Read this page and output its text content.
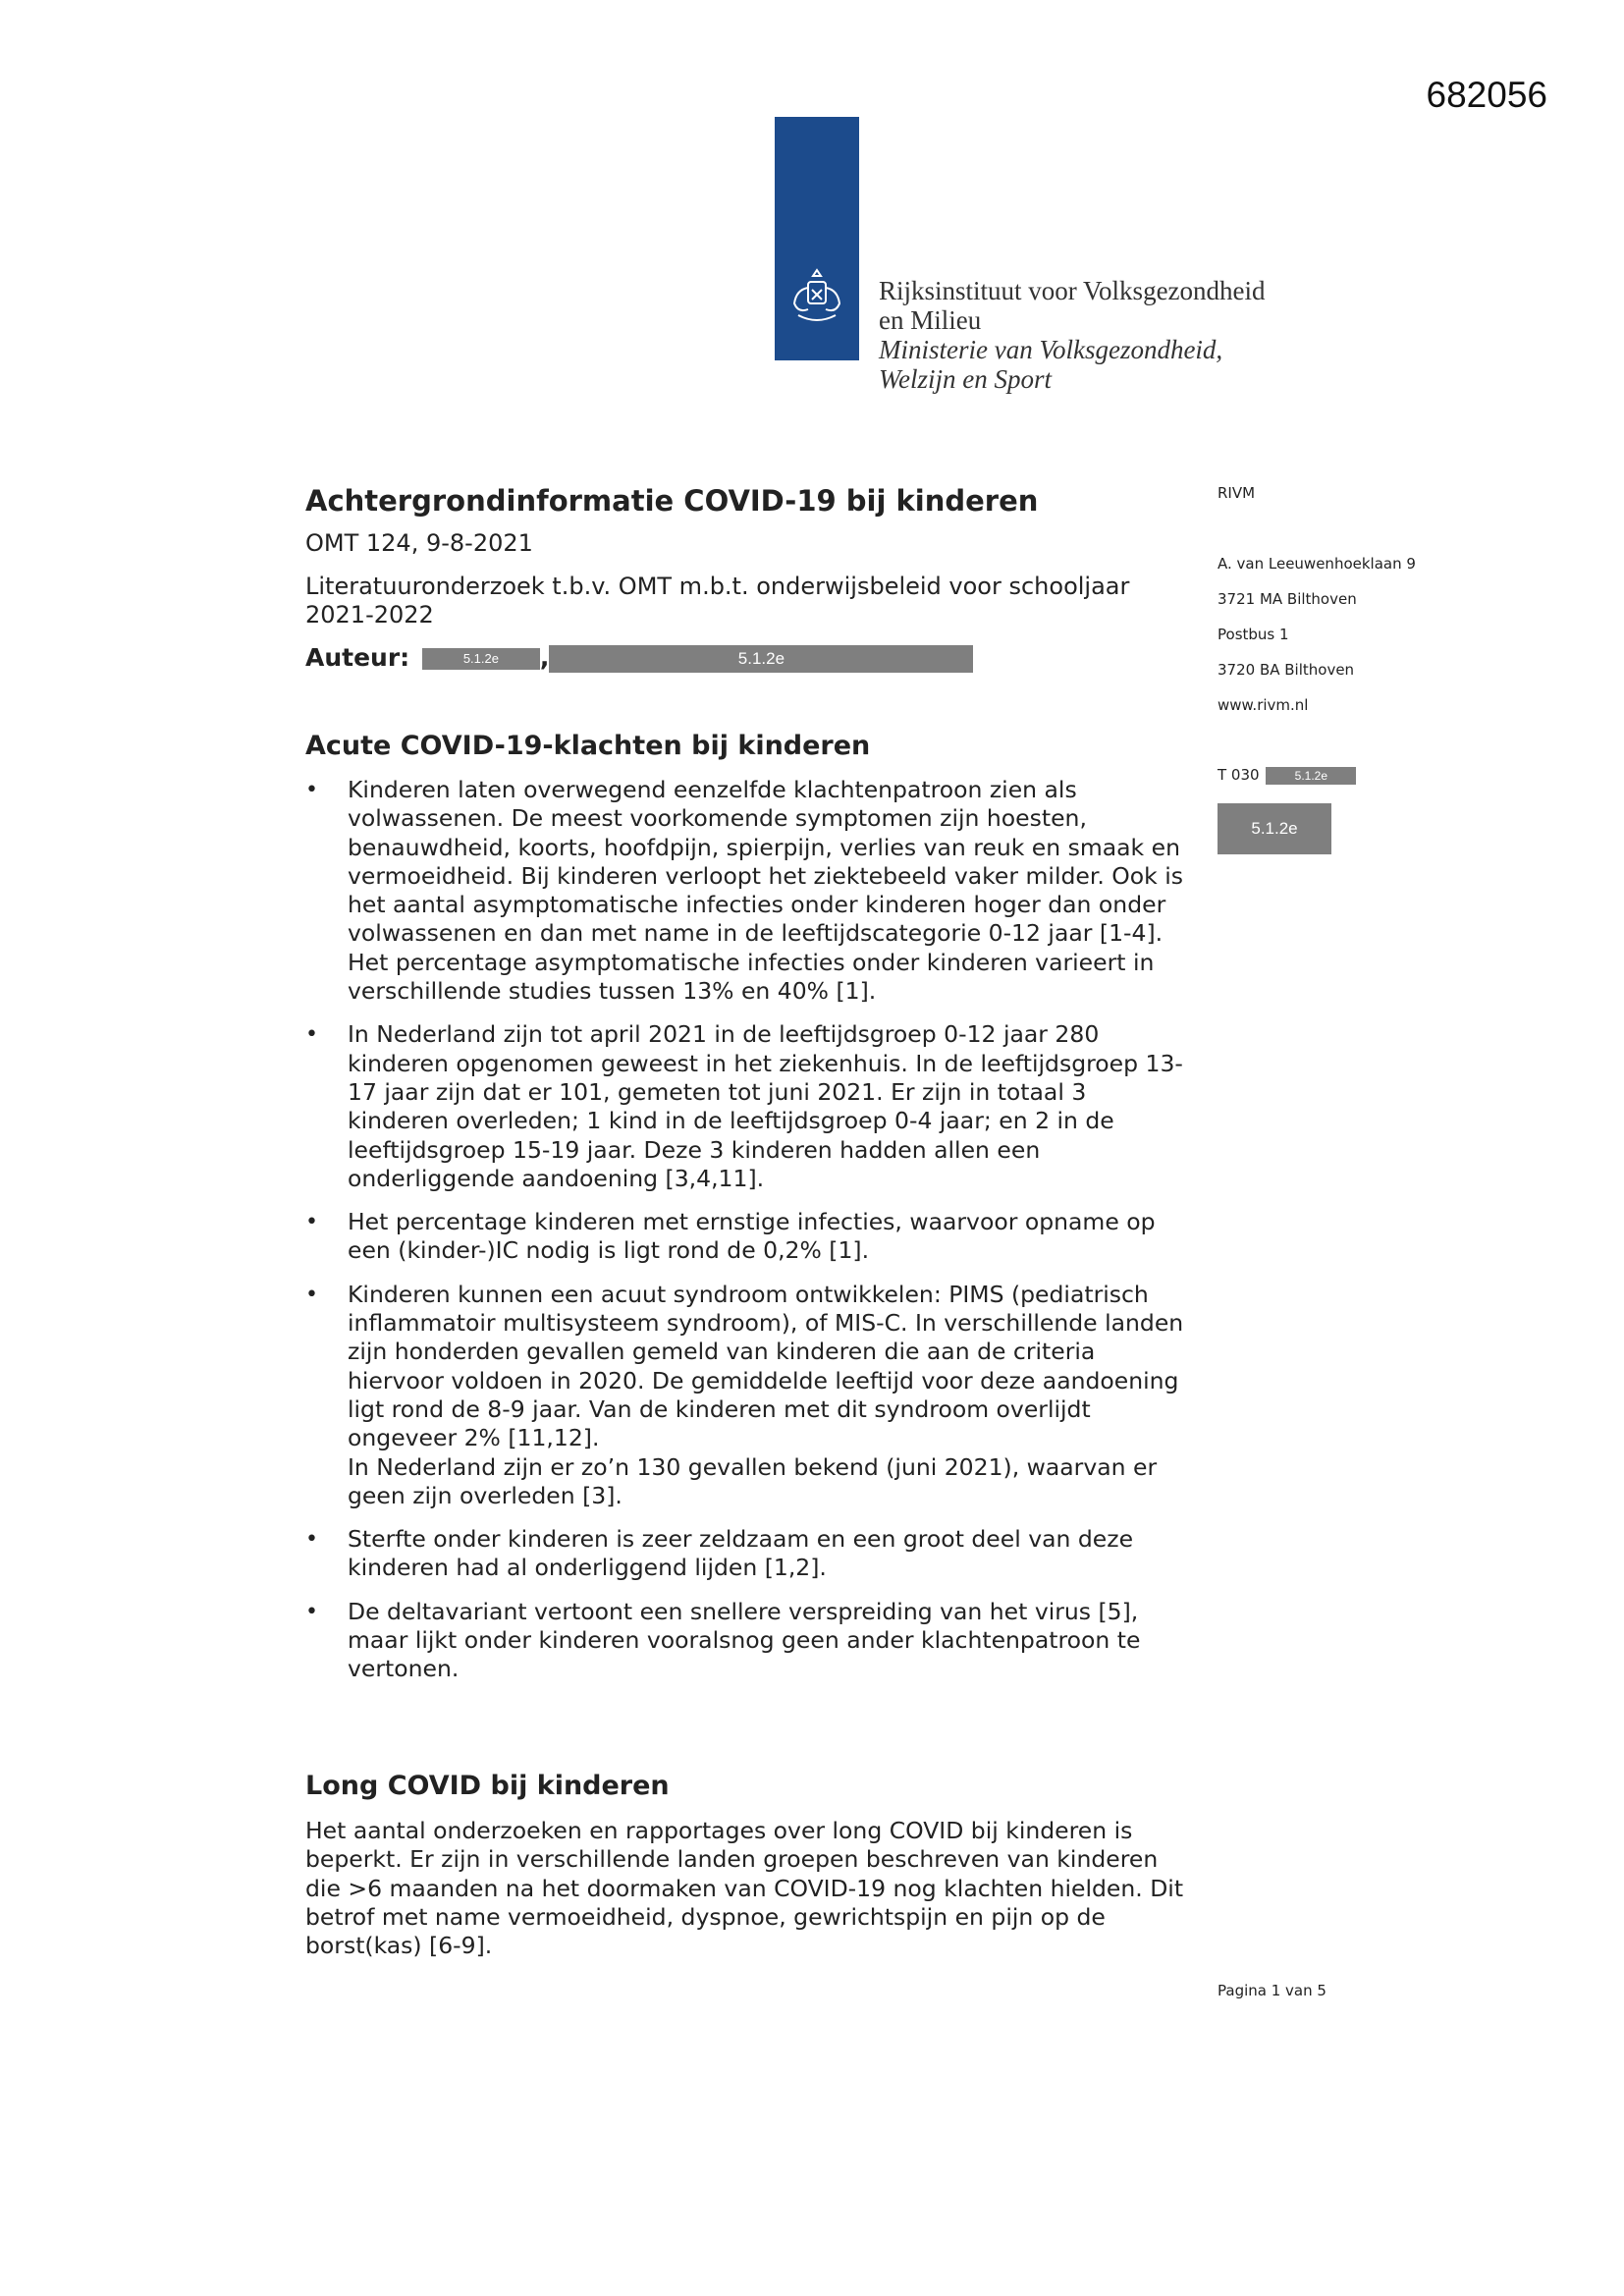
682056
Rijksinstituut voor Volksgezondheid
en Milieu
Ministerie van Volksgezondheid,
Welzijn en Sport
Achtergrondinformatie COVID-19 bij kinderen
OMT 124, 9-8-2021
Literatuuronderzoek t.b.v. OMT m.b.t. onderwijsbeleid voor schooljaar
2021-2022
Auteur:	5.1.2e ,	5.1.2e
Acute COVID-19-klachten bij kinderen
• Kinderen laten overwegend eenzelfde klachtenpatroon zien als volwassenen. De meest voorkomende symptomen zijn hoesten, benauwdheid, koorts, hoofdpijn, spierpijn, verlies van reuk en smaak en vermoeidheid. Bij kinderen verloopt het ziektebeeld vaker milder. Ook is het aantal asymptomatische infecties onder kinderen hoger dan onder volwassenen en dan met name in de leeftijdscategorie 0-12 jaar [1-4].
Het percentage asymptomatische infecties onder kinderen varieert in verschillende studies tussen 13% en 40% [1].
• In Nederland zijn tot april 2021 in de leeftijdsgroep 0-12 jaar 280 kinderen opgenomen geweest in het ziekenhuis. In de leeftijdsgroep 13-17 jaar zijn dat er 101, gemeten tot juni 2021. Er zijn in totaal 3 kinderen overleden; 1 kind in de leeftijdsgroep 0-4 jaar; en 2 in de leeftijdsgroep 15-19 jaar. Deze 3 kinderen hadden allen een onderliggende aandoening [3,4,11].
• Het percentage kinderen met ernstige infecties, waarvoor opname op een (kinder-)IC nodig is ligt rond de 0,2% [1].
• Kinderen kunnen een acuut syndroom ontwikkelen: PIMS (pediatrisch inflammatoir multisysteem syndroom), of MIS-C. In verschillende landen zijn honderden gevallen gemeld van kinderen die aan de criteria hiervoor voldoen in 2020. De gemiddelde leeftijd voor deze aandoening ligt rond de 8-9 jaar. Van de kinderen met dit syndroom overlijdt ongeveer 2% [11,12].
In Nederland zijn er zo’n 130 gevallen bekend (juni 2021), waarvan er geen zijn overleden [3].
• Sterfte onder kinderen is zeer zeldzaam en een groot deel van deze kinderen had al onderliggend lijden [1,2].
• De deltavariant vertoont een snellere verspreiding van het virus [5], maar lijkt onder kinderen vooralsnog geen ander klachtenpatroon te vertonen.
Long COVID bij kinderen

Het aantal onderzoeken en rapportages over long COVID bij kinderen is beperkt. Er zijn in verschillende landen groepen beschreven van kinderen die >6 maanden na het doormaken van COVID-19 nog klachten hielden. Dit betrof met name vermoeidheid, dyspnoe, gewrichtspijn en pijn op de borst(kas) [6-9].

RIVM
A. van Leeuwenhoeklaan 9
3721 MA Bilthoven
Postbus 1
3720 BA Bilthoven
www.rivm.nl
T 030	5.1.2e
5.1.2e
Pagina 1 van 5
